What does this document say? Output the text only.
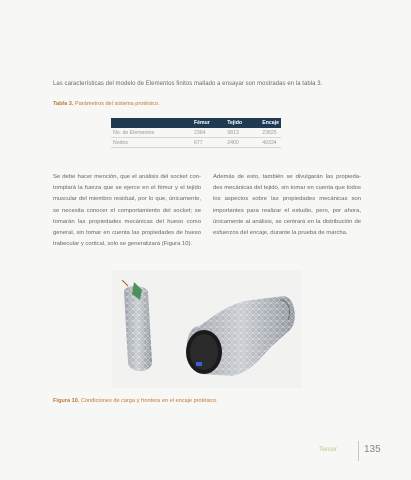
Las características del modelo de Elementos finitos mallado a ensayar son mostradas en la tabla 3.
Tabla 3. Parámetros del sistema protésico.
	Fémur	Tejido	Encaje
No. de Elementos	2364	9813	23825
Nodos	677	2400	40334

Se debe hacer mención, que el análisis del socket con-tomplará la fuerza que se ejerce en el fémur y el tejido muscular del miembro residual, por lo que, únicamente, se necesita conocer el comportamiento del socket; se tomarán las propiedades mecánicas del hueso como general, sin tomar en cuenta las propiedades de hueso trabecular y cortical, solo se generalizará (Figura 10).

Además de esto, también se divulgarán las propieda-des mecánicas del tejido, sin tomar en cuenta que todos los aspectos sobre las propiedades mecánicas son importantes para realizar el estudio, pero, por ahora, únicamente al análisis, se centrará en la distribución de esfuerzos del encaje, durante la prueba de marcha.

Figura 10. Condiciones de carga y frontera en el encaje protésico.
Tercer	135
